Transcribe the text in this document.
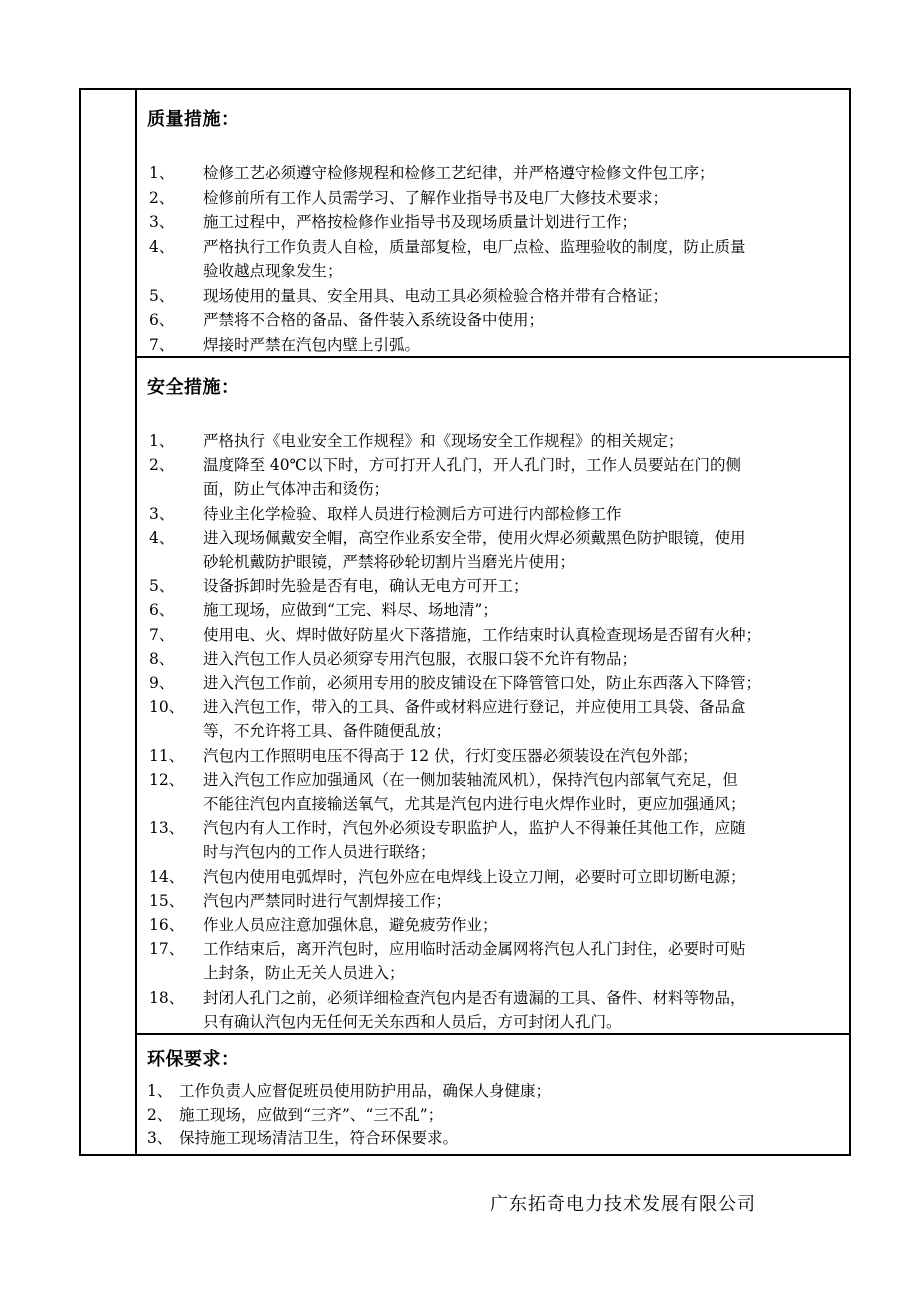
质量措施：
1、 检修工艺必须遵守检修规程和检修工艺纪律，并严格遵守检修文件包工序；
2、 检修前所有工作人员需学习、了解作业指导书及电厂大修技术要求；
3、 施工过程中，严格按检修作业指导书及现场质量计划进行工作；
4、 严格执行工作负责人自检，质量部复检，电厂点检、监理验收的制度，防止质量
验收越点现象发生；
5、 现场使用的量具、安全用具、电动工具必须检验合格并带有合格证；
6、 严禁将不合格的备品、备件装入系统设备中使用；
7、 焊接时严禁在汽包内壁上引弧。
安全措施：
1、 严格执行《电业安全工作规程》和《现场安全工作规程》的相关规定；
2、 温度降至 40℃以下时，方可打开人孔门，开人孔门时，工作人员要站在门的侧
面，防止气体冲击和烫伤；
3、 待业主化学检验、取样人员进行检测后方可进行内部检修工作
4、 进入现场佩戴安全帽，高空作业系安全带，使用火焊必须戴黑色防护眼镜，使用
砂轮机戴防护眼镜，严禁将砂轮切割片当磨光片使用；
5、 设备拆卸时先验是否有电，确认无电方可开工；
6、 施工现场，应做到“工完、料尽、场地清”；
7、 使用电、火、焊时做好防星火下落措施，工作结束时认真检查现场是否留有火种；
8、 进入汽包工作人员必须穿专用汽包服，衣服口袋不允许有物品；
9、 进入汽包工作前，必须用专用的胶皮铺设在下降管管口处，防止东西落入下降管；
10、 进入汽包工作，带入的工具、备件或材料应进行登记，并应使用工具袋、备品盒
等，不允许将工具、备件随便乱放；
11、 汽包内工作照明电压不得高于 12 伏，行灯变压器必须装设在汽包外部；
12、 进入汽包工作应加强通风（在一侧加装轴流风机），保持汽包内部氧气充足，但
不能往汽包内直接输送氧气，尤其是汽包内进行电火焊作业时，更应加强通风；
13、 汽包内有人工作时，汽包外必须设专职监护人，监护人不得兼任其他工作，应随
时与汽包内的工作人员进行联络；
14、 汽包内使用电弧焊时，汽包外应在电焊线上设立刀闸，必要时可立即切断电源；
15、 汽包内严禁同时进行气割焊接工作；
16、 作业人员应注意加强休息，避免疲劳作业；
17、 工作结束后，离开汽包时，应用临时活动金属网将汽包人孔门封住，必要时可贴
上封条，防止无关人员进入；
18、 封闭人孔门之前，必须详细检查汽包内是否有遗漏的工具、备件、材料等物品，
只有确认汽包内无任何无关东西和人员后，方可封闭人孔门。
环保要求：
1、 工作负责人应督促班员使用防护用品，确保人身健康；
2、 施工现场，应做到“三齐”、“三不乱”；
3、 保持施工现场清洁卫生，符合环保要求。
广东拓奇电力技术发展有限公司
